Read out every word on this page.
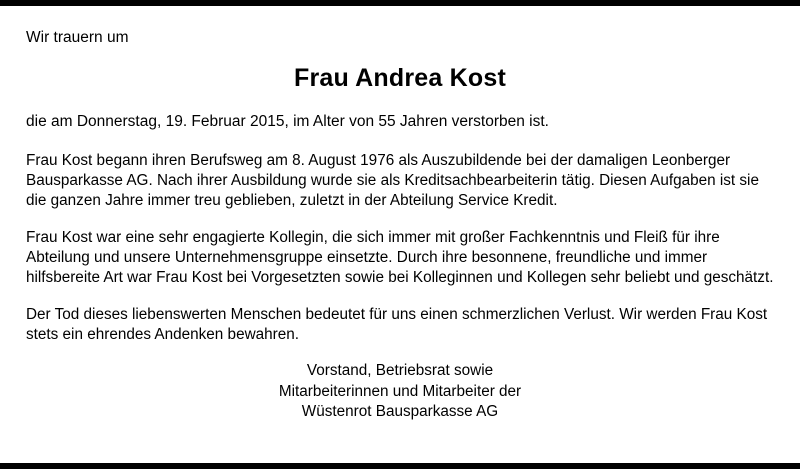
Wir trauern um

Frau Andrea Kost

die am Donnerstag, 19. Februar 2015, im Alter von 55 Jahren verstorben ist.

Frau Kost begann ihren Berufsweg am 8. August 1976 als Auszubildende bei der damaligen Leonberger Bausparkasse AG. Nach ihrer Ausbildung wurde sie als Kreditsachbearbeiterin tätig. Diesen Aufgaben ist sie die ganzen Jahre immer treu geblieben, zuletzt in der Abteilung Service Kredit.

Frau Kost war eine sehr engagierte Kollegin, die sich immer mit großer Fachkenntnis und Fleiß für ihre Abteilung und unsere Unternehmensgruppe einsetzte. Durch ihre besonnene, freundliche und immer hilfsbereite Art war Frau Kost bei Vorgesetzten sowie bei Kolleginnen und Kollegen sehr beliebt und geschätzt.

Der Tod dieses liebenswerten Menschen bedeutet für uns einen schmerzlichen Verlust. Wir werden Frau Kost stets ein ehrendes Andenken bewahren.

Vorstand, Betriebsrat sowie
Mitarbeiterinnen und Mitarbeiter der
Wüstenrot Bausparkasse AG
